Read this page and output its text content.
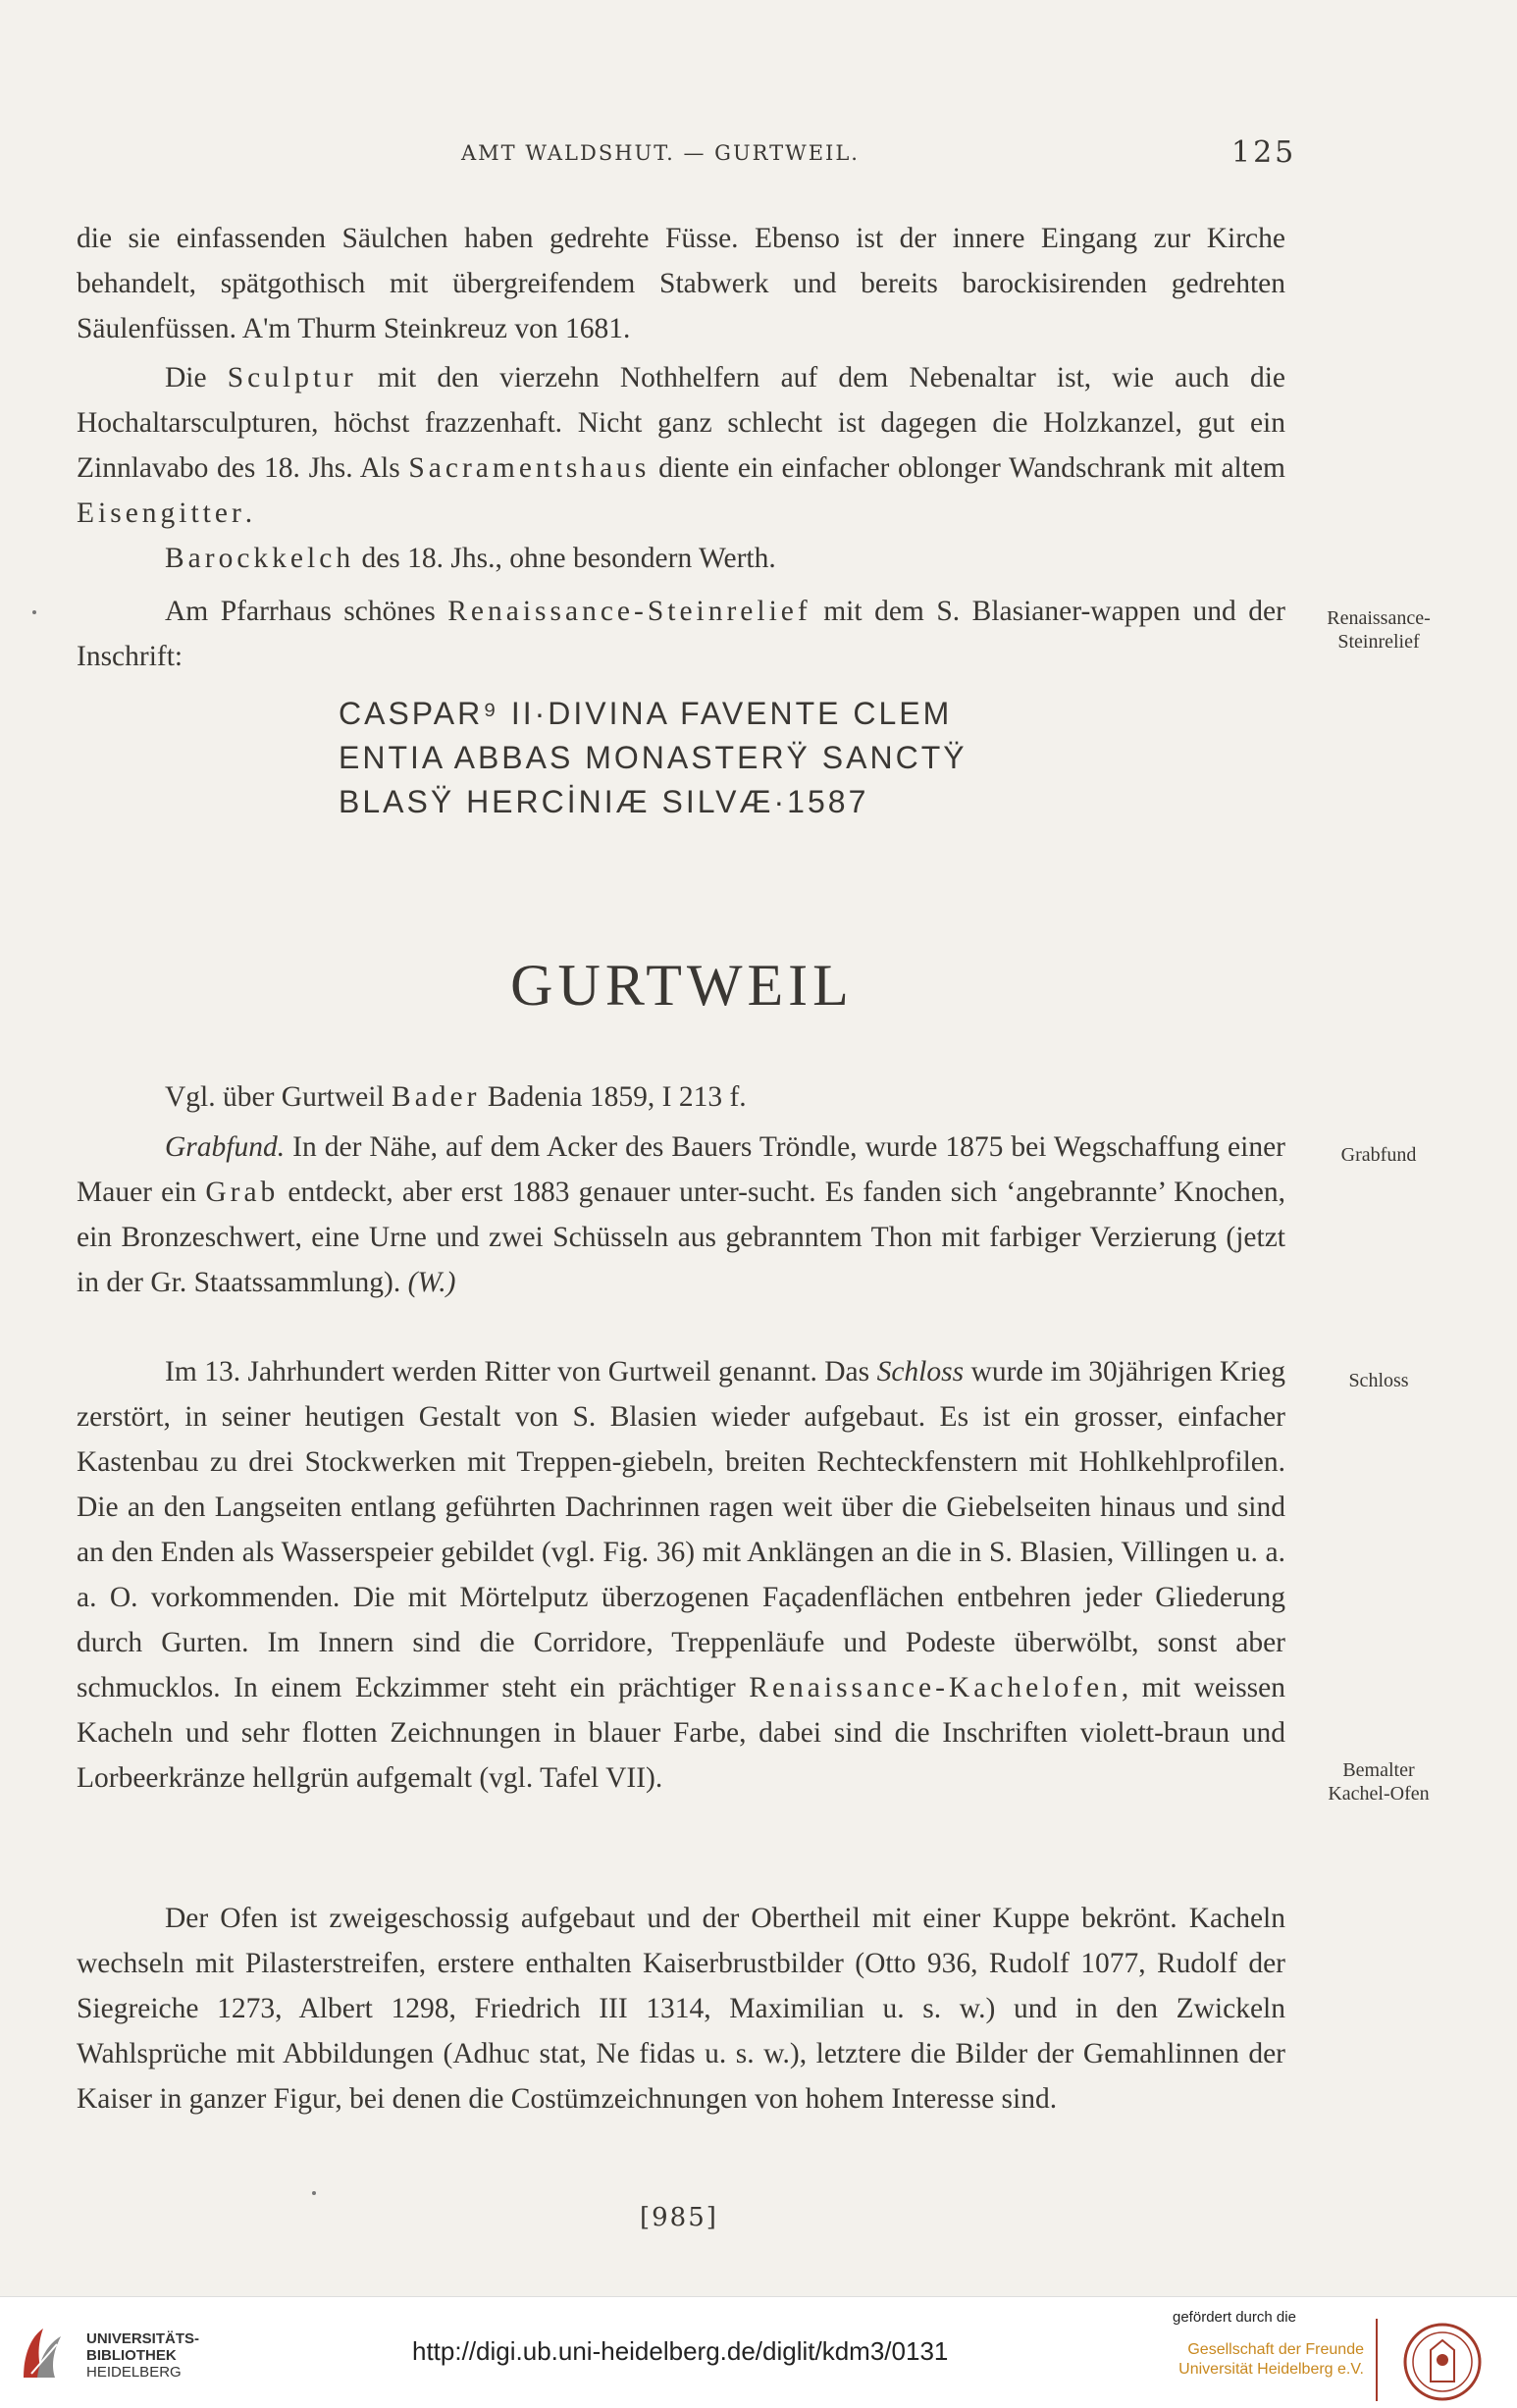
AMT WALDSHUT. — GURTWEIL.	125

die sie einfassenden Säulchen haben gedrehte Füsse. Ebenso ist der innere Eingang zur Kirche behandelt, spätgothisch mit übergreifendem Stabwerk und bereits barockisirenden gedrehten Säulenfüssen. A'm Thurm Steinkreuz von 1681.

Die Sculptur mit den vierzehn Nothhelfern auf dem Nebenaltar ist, wie auch die Hochaltarsculpturen, höchst frazzenhaft. Nicht ganz schlecht ist dagegen die Holzkanzel, gut ein Zinnlavabo des 18. Jhs. Als Sacramentshaus diente ein einfacher oblonger Wandschrank mit altem Eisengitter.

Barockkelch des 18. Jhs., ohne besondern Werth.

Am Pfarrhaus schönes Renaissance-Steinrelief mit dem S. Blasianer-wappen und der Inschrift:

Renaissance-
Steinrelief
CASPAR⁹ II·DIVINA FAVENTE CLEM
ENTIA ABBAS MONASTERŸ SANCTŸ
BLASŸ HERCİNIÆ SILVÆ·1587
GURTWEIL

Vgl. über Gurtweil Bader Badenia 1859, I 213 f.

Grabfund. In der Nähe, auf dem Acker des Bauers Tröndle, wurde 1875 bei Wegschaffung einer Mauer ein Grab entdeckt, aber erst 1883 genauer unter-sucht. Es fanden sich ‘angebrannte’ Knochen, ein Bronzeschwert, eine Urne und zwei Schüsseln aus gebranntem Thon mit farbiger Verzierung (jetzt in der Gr. Staatssammlung). (W.)

Grabfund

Im 13. Jahrhundert werden Ritter von Gurtweil genannt. Das Schloss wurde im 30jährigen Krieg zerstört, in seiner heutigen Gestalt von S. Blasien wieder aufgebaut. Es ist ein grosser, einfacher Kastenbau zu drei Stockwerken mit Treppen-giebeln, breiten Rechteckfenstern mit Hohlkehlprofilen. Die an den Langseiten entlang geführten Dachrinnen ragen weit über die Giebelseiten hinaus und sind an den Enden als Wasserspeier gebildet (vgl. Fig. 36) mit Anklängen an die in S. Blasien, Villingen u. a. a. O. vorkommenden. Die mit Mörtelputz überzogenen Façadenflächen entbehren jeder Gliederung durch Gurten. Im Innern sind die Corridore, Treppenläufe und Podeste überwölbt, sonst aber schmucklos. In einem Eckzimmer steht ein prächtiger Renaissance-Kachelofen, mit weissen Kacheln und sehr flotten Zeichnungen in blauer Farbe, dabei sind die Inschriften violett-braun und Lorbeerkränze hellgrün aufgemalt (vgl. Tafel VII).

Schloss
Bemalter
Kachel-Ofen

Der Ofen ist zweigeschossig aufgebaut und der Obertheil mit einer Kuppe bekrönt. Kacheln wechseln mit Pilasterstreifen, erstere enthalten Kaiserbrustbilder (Otto 936, Rudolf 1077, Rudolf der Siegreiche 1273, Albert 1298, Friedrich III 1314, Maximilian u. s. w.) und in den Zwickeln Wahlsprüche mit Abbildungen (Adhuc stat, Ne fidas u. s. w.), letztere die Bilder der Gemahlinnen der Kaiser in ganzer Figur, bei denen die Costümzeichnungen von hohem Interesse sind.

[985]
UNIVERSITÄTS-
BIBLIOTHEK
HEIDELBERG
http://digi.ub.uni-heidelberg.de/diglit/kdm3/0131
gefördert durch die
Gesellschaft der Freunde
Universität Heidelberg e.V.
